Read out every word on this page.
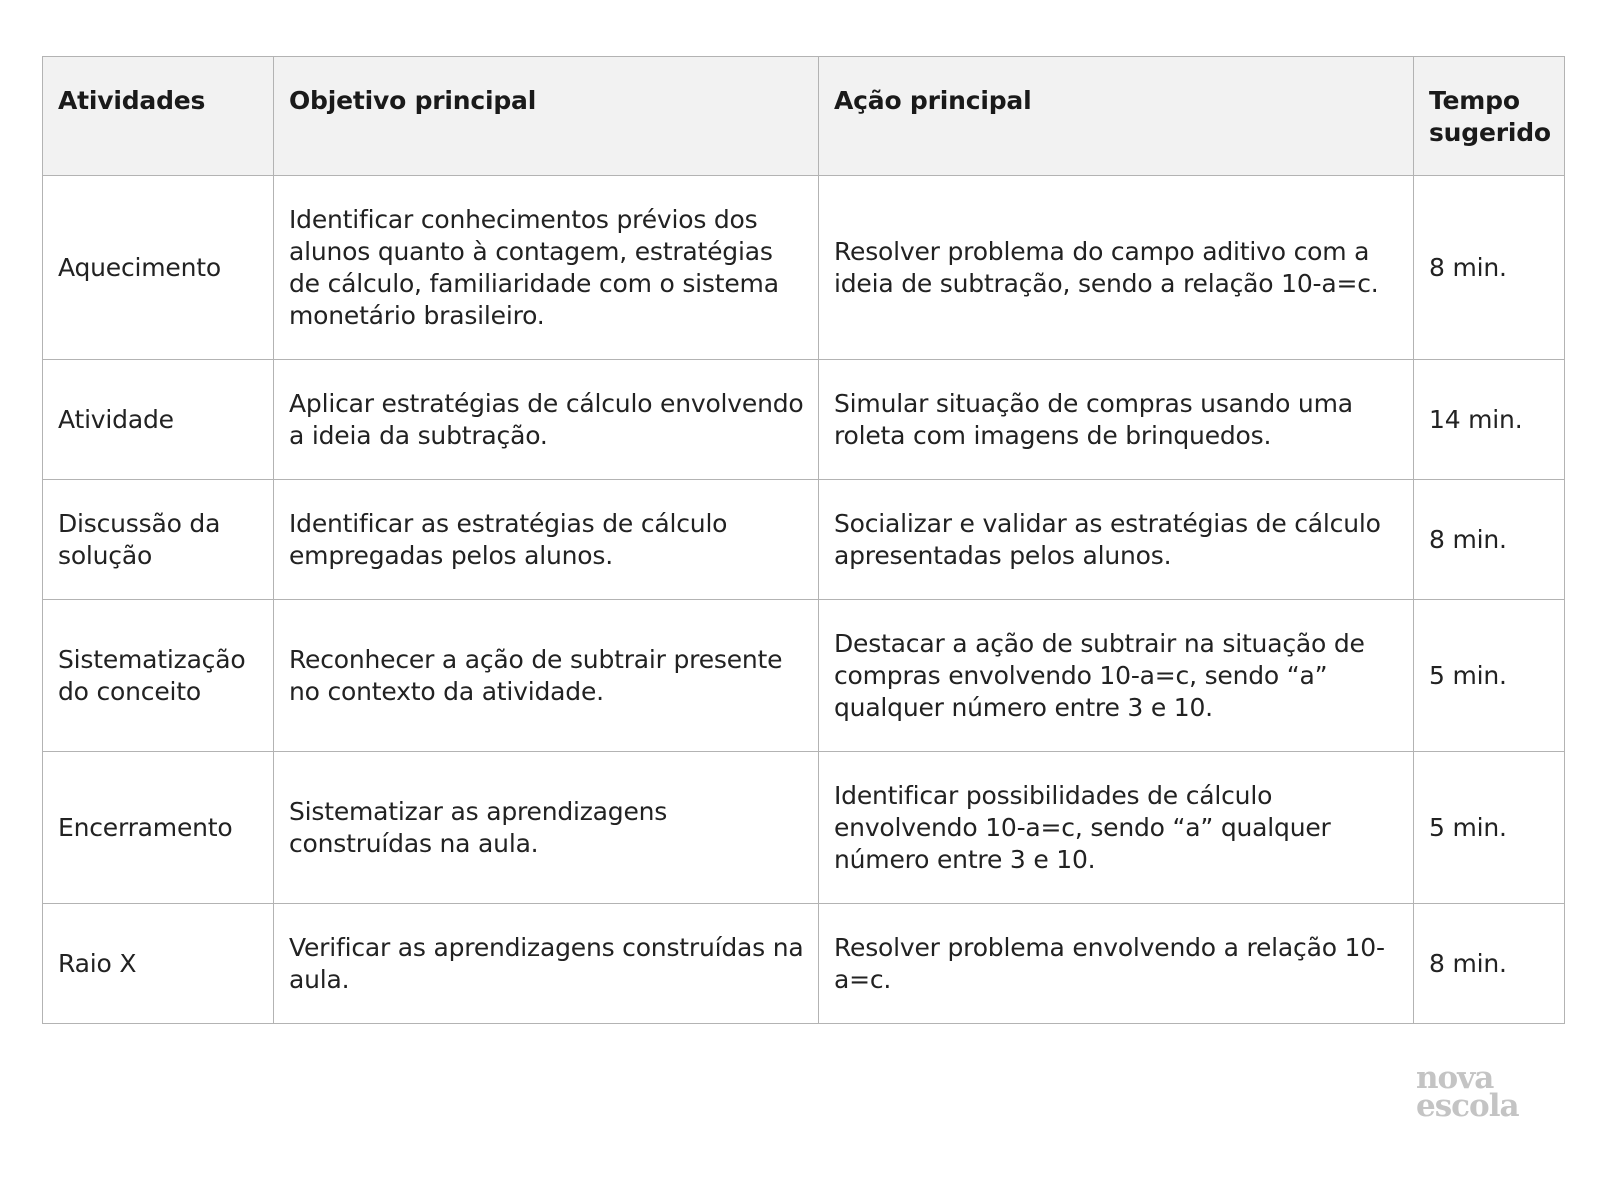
Atividades	Objetivo principal	Ação principal	Tempo sugerido
Aquecimento	Identificar conhecimentos prévios dos alunos quanto à contagem, estratégias de cálculo, familiaridade com o sistema monetário brasileiro.	Resolver problema do campo aditivo com a ideia de subtração, sendo a relação 10-a=c.	8 min.
Atividade	Aplicar estratégias de cálculo envolvendo a ideia da subtração.	Simular situação de compras usando uma roleta com imagens de brinquedos.	14 min.
Discussão da solução	Identificar as estratégias de cálculo empregadas pelos alunos.	Socializar e validar as estratégias de cálculo apresentadas pelos alunos.	8 min.
Sistematização do conceito	Reconhecer a ação de subtrair presente no contexto da atividade.	Destacar a ação de subtrair na situação de compras envolvendo 10-a=c, sendo “a” qualquer número entre 3 e 10.	5 min.
Encerramento	Sistematizar as aprendizagens construídas na aula.	Identificar possibilidades de cálculo envolvendo 10-a=c, sendo “a” qualquer número entre 3 e 10.	5 min.
Raio X	Verificar as aprendizagens construídas na aula.	Resolver problema envolvendo a relação 10-a=c.	8 min.
nova
escola
